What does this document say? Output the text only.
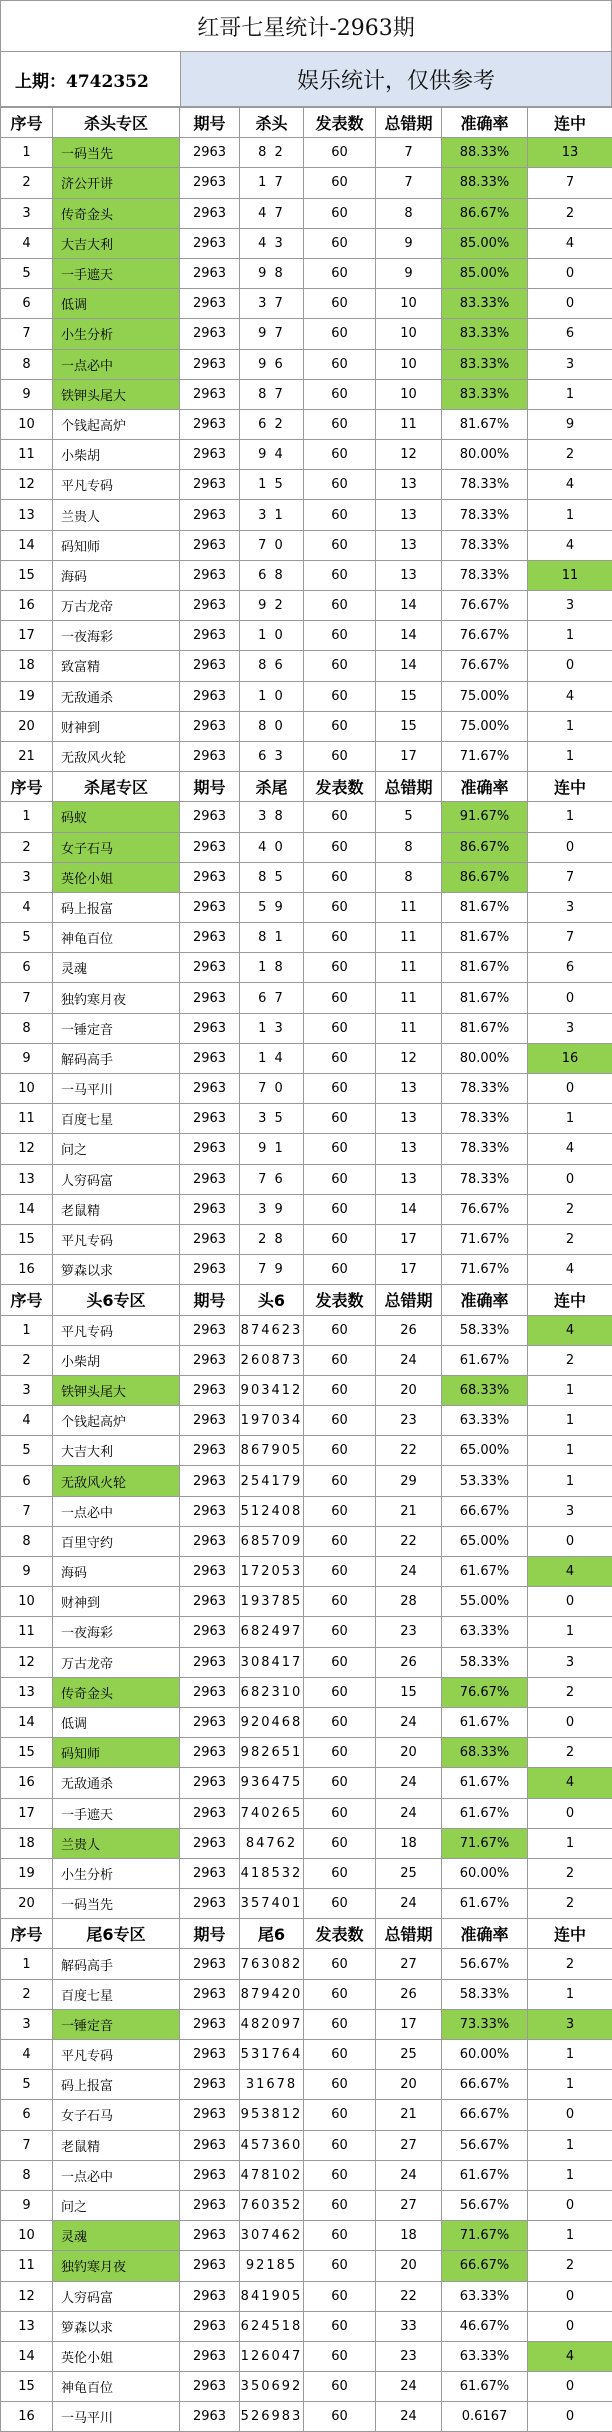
红哥七星统计-2963期
上期：4742352	娱乐统计，仅供参考
序号	杀头专区	期号	杀头	发表数	总错期	准确率	连中
1	一码当先	2963	8 2	60	7	88.33%	13
2	济公开讲	2963	1 7	60	7	88.33%	7
3	传奇金头	2963	4 7	60	8	86.67%	2
4	大吉大利	2963	4 3	60	9	85.00%	4
5	一手遮天	2963	9 8	60	9	85.00%	0
6	低调	2963	3 7	60	10	83.33%	0
7	小生分析	2963	9 7	60	10	83.33%	6
8	一点必中	2963	9 6	60	10	83.33%	3
9	铁钾头尾大	2963	8 7	60	10	83.33%	1
10	个钱起高炉	2963	6 2	60	11	81.67%	9
11	小柴胡	2963	9 4	60	12	80.00%	2
12	平凡专码	2963	1 5	60	13	78.33%	4
13	兰贵人	2963	3 1	60	13	78.33%	1
14	码知师	2963	7 0	60	13	78.33%	4
15	海码	2963	6 8	60	13	78.33%	11
16	万古龙帝	2963	9 2	60	14	76.67%	3
17	一夜海彩	2963	1 0	60	14	76.67%	1
18	致富精	2963	8 6	60	14	76.67%	0
19	无敌通杀	2963	1 0	60	15	75.00%	4
20	财神到	2963	8 0	60	15	75.00%	1
21	无敌风火轮	2963	6 3	60	17	71.67%	1
序号	杀尾专区	期号	杀尾	发表数	总错期	准确率	连中
1	码蚁	2963	3 8	60	5	91.67%	1
2	女子石马	2963	4 0	60	8	86.67%	0
3	英伦小姐	2963	8 5	60	8	86.67%	7
4	码上报富	2963	5 9	60	11	81.67%	3
5	神龟百位	2963	8 1	60	11	81.67%	7
6	灵魂	2963	1 8	60	11	81.67%	6
7	独钓寒月夜	2963	6 7	60	11	81.67%	0
8	一锤定音	2963	1 3	60	11	81.67%	3
9	解码高手	2963	1 4	60	12	80.00%	16
10	一马平川	2963	7 0	60	13	78.33%	0
11	百度七星	2963	3 5	60	13	78.33%	1
12	问之	2963	9 1	60	13	78.33%	4
13	人穷码富	2963	7 6	60	13	78.33%	0
14	老鼠精	2963	3 9	60	14	76.67%	2
15	平凡专码	2963	2 8	60	17	71.67%	2
16	箩森以求	2963	7 9	60	17	71.67%	4
序号	头6专区	期号	头6	发表数	总错期	准确率	连中
1	平凡专码	2963	874623	60	26	58.33%	4
2	小柴胡	2963	260873	60	24	61.67%	2
3	铁钾头尾大	2963	903412	60	20	68.33%	1
4	个钱起高炉	2963	197034	60	23	63.33%	1
5	大吉大利	2963	867905	60	22	65.00%	1
6	无敌风火轮	2963	254179	60	29	53.33%	1
7	一点必中	2963	512408	60	21	66.67%	3
8	百里守约	2963	685709	60	22	65.00%	0
9	海码	2963	172053	60	24	61.67%	4
10	财神到	2963	193785	60	28	55.00%	0
11	一夜海彩	2963	682497	60	23	63.33%	1
12	万古龙帝	2963	308417	60	26	58.33%	3
13	传奇金头	2963	682310	60	15	76.67%	2
14	低调	2963	920468	60	24	61.67%	0
15	码知师	2963	982651	60	20	68.33%	2
16	无敌通杀	2963	936475	60	24	61.67%	4
17	一手遮天	2963	740265	60	24	61.67%	0
18	兰贵人	2963	84762	60	18	71.67%	1
19	小生分析	2963	418532	60	25	60.00%	2
20	一码当先	2963	357401	60	24	61.67%	2
序号	尾6专区	期号	尾6	发表数	总错期	准确率	连中
1	解码高手	2963	763082	60	27	56.67%	2
2	百度七星	2963	879420	60	26	58.33%	1
3	一锤定音	2963	482097	60	17	73.33%	3
4	平凡专码	2963	531764	60	25	60.00%	1
5	码上报富	2963	31678	60	20	66.67%	1
6	女子石马	2963	953812	60	21	66.67%	0
7	老鼠精	2963	457360	60	27	56.67%	1
8	一点必中	2963	478102	60	24	61.67%	1
9	问之	2963	760352	60	27	56.67%	0
10	灵魂	2963	307462	60	18	71.67%	1
11	独钓寒月夜	2963	92185	60	20	66.67%	2
12	人穷码富	2963	841905	60	22	63.33%	0
13	箩森以求	2963	624518	60	33	46.67%	0
14	英伦小姐	2963	126047	60	23	63.33%	4
15	神龟百位	2963	350692	60	24	61.67%	0
16	一马平川	2963	526983	60	24	0.6167	0
